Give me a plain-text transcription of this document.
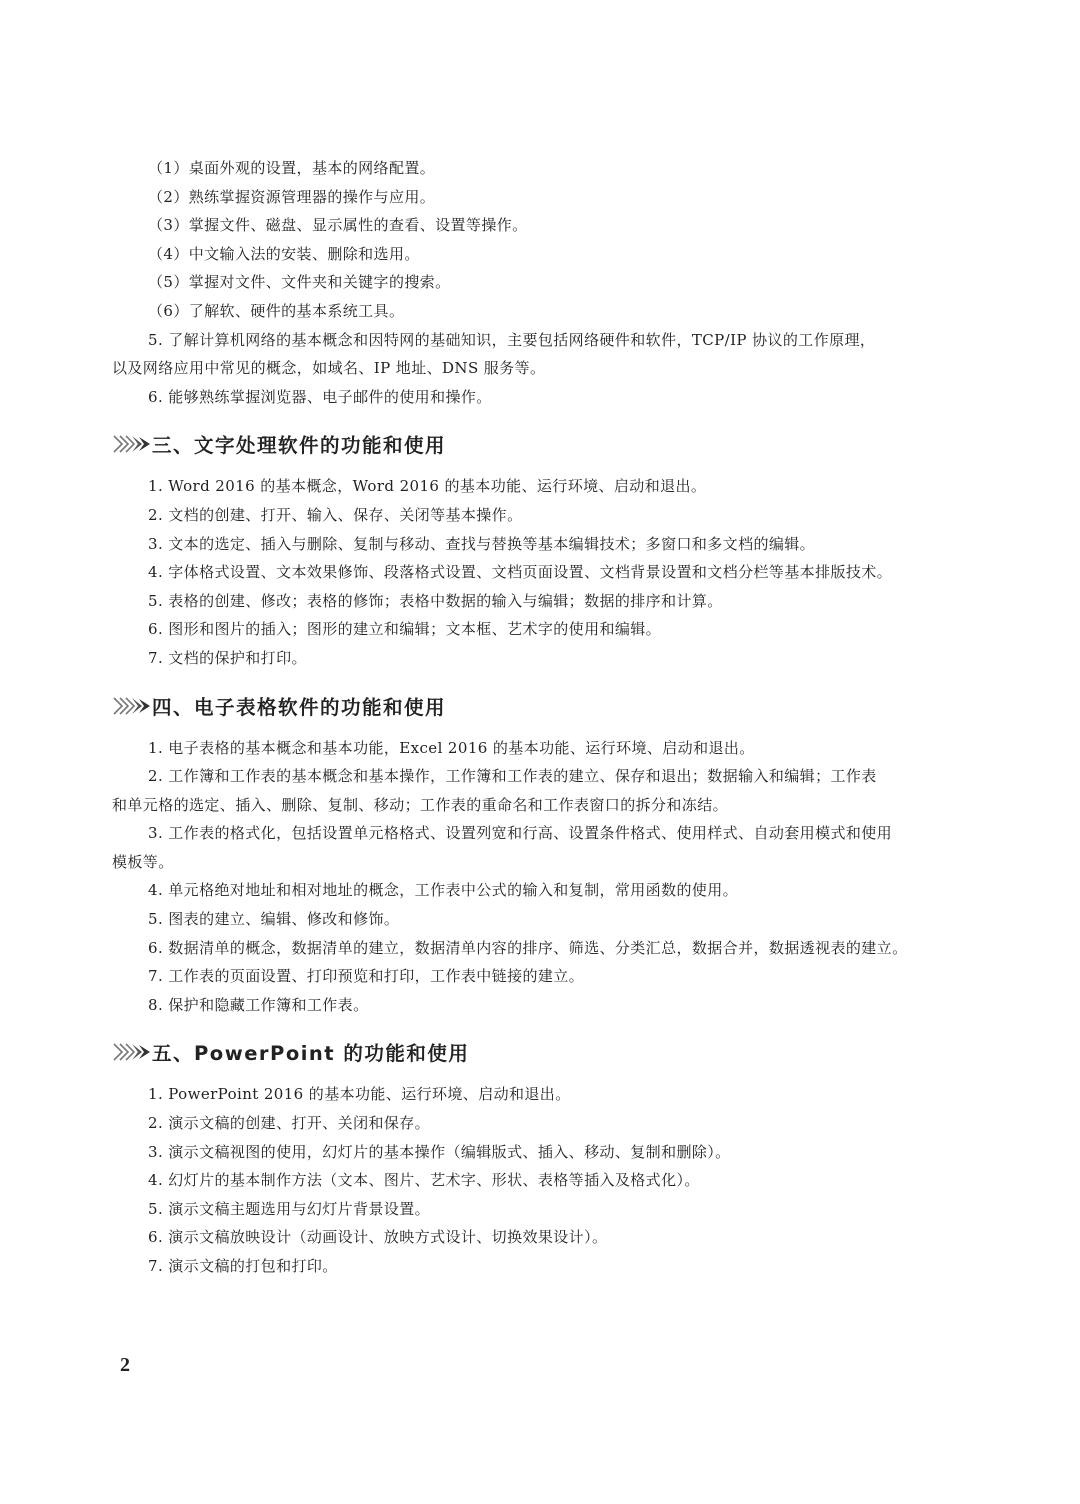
（1）桌面外观的设置，基本的网络配置。
（2）熟练掌握资源管理器的操作与应用。
（3）掌握文件、磁盘、显示属性的查看、设置等操作。
（4）中文输入法的安装、删除和选用。
（5）掌握对文件、文件夹和关键字的搜索。
（6）了解软、硬件的基本系统工具。
5. 了解计算机网络的基本概念和因特网的基础知识，主要包括网络硬件和软件，TCP/IP 协议的工作原理，
以及网络应用中常见的概念，如域名、IP 地址、DNS 服务等。
6. 能够熟练掌握浏览器、电子邮件的使用和操作。
三、文字处理软件的功能和使用
1. Word 2016 的基本概念，Word 2016 的基本功能、运行环境、启动和退出。
2. 文档的创建、打开、输入、保存、关闭等基本操作。
3. 文本的选定、插入与删除、复制与移动、查找与替换等基本编辑技术；多窗口和多文档的编辑。
4. 字体格式设置、文本效果修饰、段落格式设置、文档页面设置、文档背景设置和文档分栏等基本排版技术。
5. 表格的创建、修改；表格的修饰；表格中数据的输入与编辑；数据的排序和计算。
6. 图形和图片的插入；图形的建立和编辑；文本框、艺术字的使用和编辑。
7. 文档的保护和打印。
四、电子表格软件的功能和使用
1. 电子表格的基本概念和基本功能，Excel 2016 的基本功能、运行环境、启动和退出。
2. 工作簿和工作表的基本概念和基本操作，工作簿和工作表的建立、保存和退出；数据输入和编辑；工作表
和单元格的选定、插入、删除、复制、移动；工作表的重命名和工作表窗口的拆分和冻结。
3. 工作表的格式化，包括设置单元格格式、设置列宽和行高、设置条件格式、使用样式、自动套用模式和使用
模板等。
4. 单元格绝对地址和相对地址的概念，工作表中公式的输入和复制，常用函数的使用。
5. 图表的建立、编辑、修改和修饰。
6. 数据清单的概念，数据清单的建立，数据清单内容的排序、筛选、分类汇总，数据合并，数据透视表的建立。
7. 工作表的页面设置、打印预览和打印，工作表中链接的建立。
8. 保护和隐藏工作簿和工作表。
五、PowerPoint 的功能和使用
1. PowerPoint 2016 的基本功能、运行环境、启动和退出。
2. 演示文稿的创建、打开、关闭和保存。
3. 演示文稿视图的使用，幻灯片的基本操作（编辑版式、插入、移动、复制和删除）。
4. 幻灯片的基本制作方法（文本、图片、艺术字、形状、表格等插入及格式化）。
5. 演示文稿主题选用与幻灯片背景设置。
6. 演示文稿放映设计（动画设计、放映方式设计、切换效果设计）。
7. 演示文稿的打包和打印。
2
